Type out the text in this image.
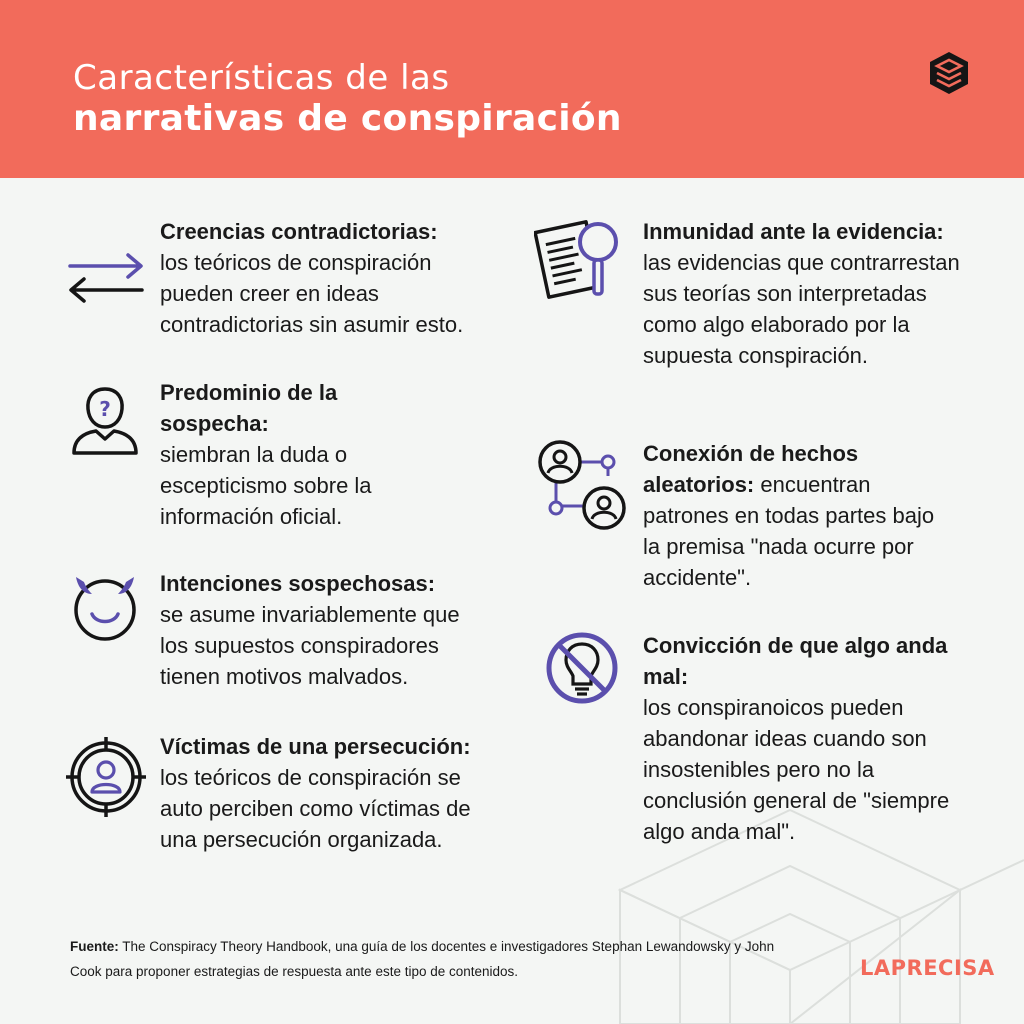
Características de las
narrativas de conspiración
Creencias contradictorias:
los teóricos de conspiración pueden creer en ideas contradictorias sin asumir esto.
?
Predominio de la sospecha:
siembran la duda o escepticismo sobre la información oficial.
Intenciones sospechosas:
se asume invariablemente que los supuestos conspiradores tienen motivos malvados.
Víctimas de una persecución:
los teóricos de conspiración se auto perciben como víctimas de una persecución organizada.
Inmunidad ante la evidencia:
las evidencias que contrarrestan sus teorías son interpretadas como algo elaborado por la supuesta conspiración.
Conexión de hechos aleatorios: encuentran patrones en todas partes bajo la premisa "nada ocurre por accidente".
Convicción de que algo anda mal:
los conspiranoicos pueden abandonar ideas cuando son insostenibles pero no la conclusión general de "siempre algo anda mal".
Fuente: The Conspiracy Theory Handbook, una guía de los docentes e investigadores Stephan Lewandowsky y John Cook para proponer estrategias de respuesta ante este tipo de contenidos.	LAPRECISA
